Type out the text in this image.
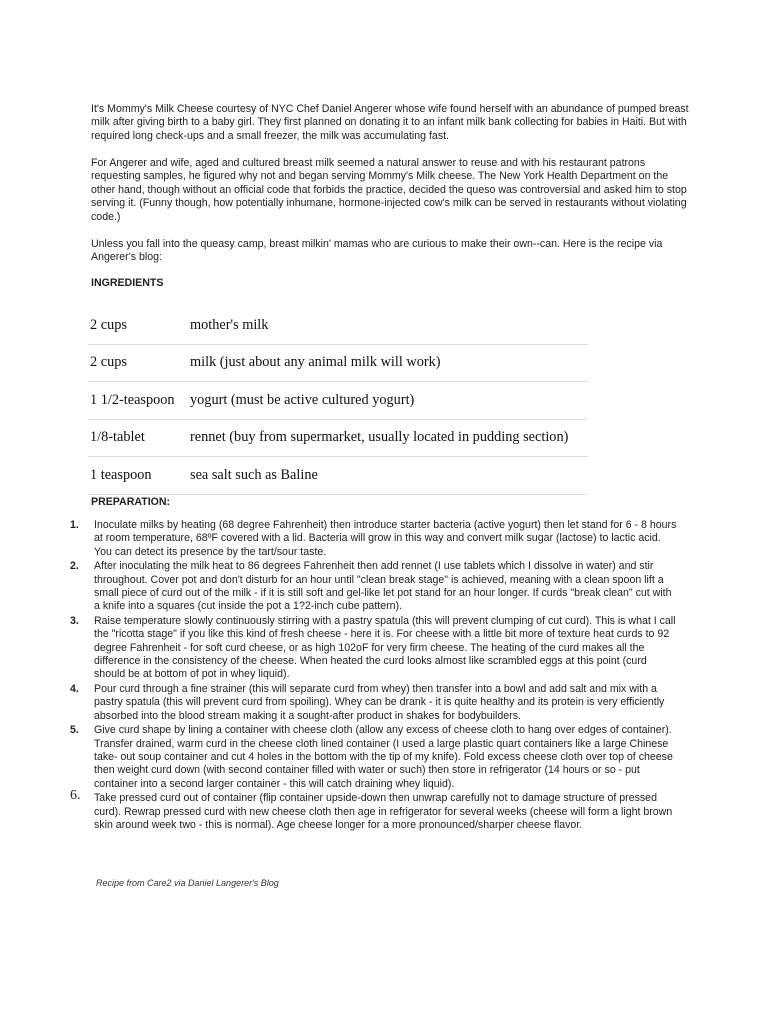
It's Mommy's Milk Cheese courtesy of NYC Chef Daniel Angerer whose wife found herself with an abundance of pumped breast milk after giving birth to a baby girl. They first planned on donating it to an infant milk bank collecting for babies in Haiti. But with required long check-ups and a small freezer, the milk was accumulating fast.

For Angerer and wife, aged and cultured breast milk seemed a natural answer to reuse and with his restaurant patrons requesting samples, he figured why not and began serving Mommy's Milk cheese. The New York Health Department on the other hand, though without an official code that forbids the practice, decided the queso was controversial and asked him to stop serving it. (Funny though, how potentially inhumane, hormone-injected cow's milk can be served in restaurants without violating code.)

Unless you fall into the queasy camp, breast milkin' mamas who are curious to make their own--can. Here is the recipe via Angerer's blog:

INGREDIENTS

2 cups	mother's milk
2 cups	milk (just about any animal milk will work)
1 1/2-teaspoon	yogurt (must be active cultured yogurt)
1/8-tablet	rennet (buy from supermarket, usually located in pudding section)
1 teaspoon	sea salt such as Baline

PREPARATION:

1. Inoculate milks by heating (68 degree Fahrenheit) then introduce starter bacteria (active yogurt) then let stand for 6 - 8 hours at room temperature, 68ºF covered with a lid. Bacteria will grow in this way and convert milk sugar (lactose) to lactic acid. You can detect its presence by the tart/sour taste.
2. After inoculating the milk heat to 86 degrees Fahrenheit then add rennet (I use tablets which I dissolve in water) and stir throughout. Cover pot and don't disturb for an hour until "clean break stage" is achieved, meaning with a clean spoon lift a small piece of curd out of the milk - if it is still soft and gel-like let pot stand for an hour longer. If curds "break clean" cut with a knife into a squares (cut inside the pot a 1?2-inch cube pattern).
3. Raise temperature slowly continuously stirring with a pastry spatula (this will prevent clumping of cut curd). This is what I call the "ricotta stage" if you like this kind of fresh cheese - here it is. For cheese with a little bit more of texture heat curds to 92 degree Fahrenheit - for soft curd cheese, or as high 102oF for very firm cheese. The heating of the curd makes all the difference in the consistency of the cheese. When heated the curd looks almost like scrambled eggs at this point (curd should be at bottom of pot in whey liquid).
4. Pour curd through a fine strainer (this will separate curd from whey) then transfer into a bowl and add salt and mix with a pastry spatula (this will prevent curd from spoiling). Whey can be drank - it is quite healthy and its protein is very efficiently absorbed into the blood stream making it a sought-after product in shakes for bodybuilders.
5. Give curd shape by lining a container with cheese cloth (allow any excess of cheese cloth to hang over edges of container). Transfer drained, warm curd in the cheese cloth lined container (I used a large plastic quart containers like a large Chinese take- out soup container and cut 4 holes in the bottom with the tip of my knife). Fold excess cheese cloth over top of cheese then weight curd down (with second container filled with water or such) then store in refrigerator (14 hours or so - put container into a second larger container - this will catch draining whey liquid).
6. Take pressed curd out of container (flip container upside-down then unwrap carefully not to damage structure of pressed curd). Rewrap pressed curd with new cheese cloth then age in refrigerator for several weeks (cheese will form a light brown skin around week two - this is normal). Age cheese longer for a more pronounced/sharper cheese flavor.

Recipe from Care2 via Daniel Langerer's Blog
